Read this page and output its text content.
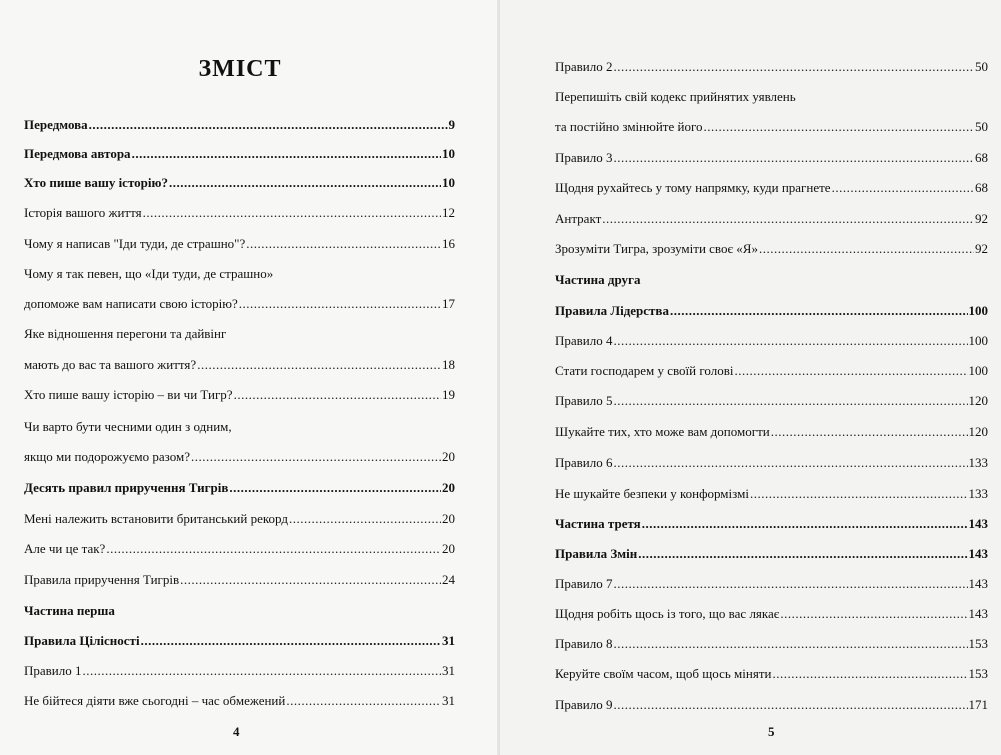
ЗМІСТ
4
Передмова .....	9
Передмова автора .....	10
Хто пише вашу історію? .....	10
Історія вашого життя .....	12
Чому я написав "Іди туди, де страшно"? .....	16
Чому я так певен, що «Іди туди, де страшно»
допоможе вам написати свою історію? .....	17
Яке відношення перегони та дайвінг
мають до вас та вашого життя? .....	18
Хто пише вашу історію – ви чи Тигр? .....	19
Чи варто бути чесними один з одним,
якщо ми подорожуємо разом? .....	20
Десять правил приручення Тигрів .....	20
Мені належить встановити британський рекорд .....	20
Але чи це так? .....	20
Правила приручення Тигрів .....	24
Частина перша
Правила Цілісності .....	31
Правило 1 .....	31
Не бійтеся діяти вже сьогодні – час обмежений .....	31
5
Правило 2 .....	50
Перепишіть свій кодекс прийнятих уявлень
та постійно змінюйте його .....	50
Правило 3 .....	68
Щодня рухайтесь у тому напрямку, куди прагнете .....	68
Антракт .....	92
Зрозуміти Тигра, зрозуміти своє «Я» .....	92
Частина друга
Правила Лідерства .....	100
Правило 4 .....	100
Стати господарем у своїй голові .....	100
Правило 5 .....	120
Шукайте тих, хто може вам допомогти .....	120
Правило 6 .....	133
Не шукайте безпеки у конформізмі .....	133
Частина третя .....	143
Правила Змін .....	143
Правило 7 .....	143
Щодня робіть щось із того, що вас лякає .....	143
Правило 8 .....	153
Керуйте своїм часом, щоб щось міняти .....	153
Правило 9 .....	171
